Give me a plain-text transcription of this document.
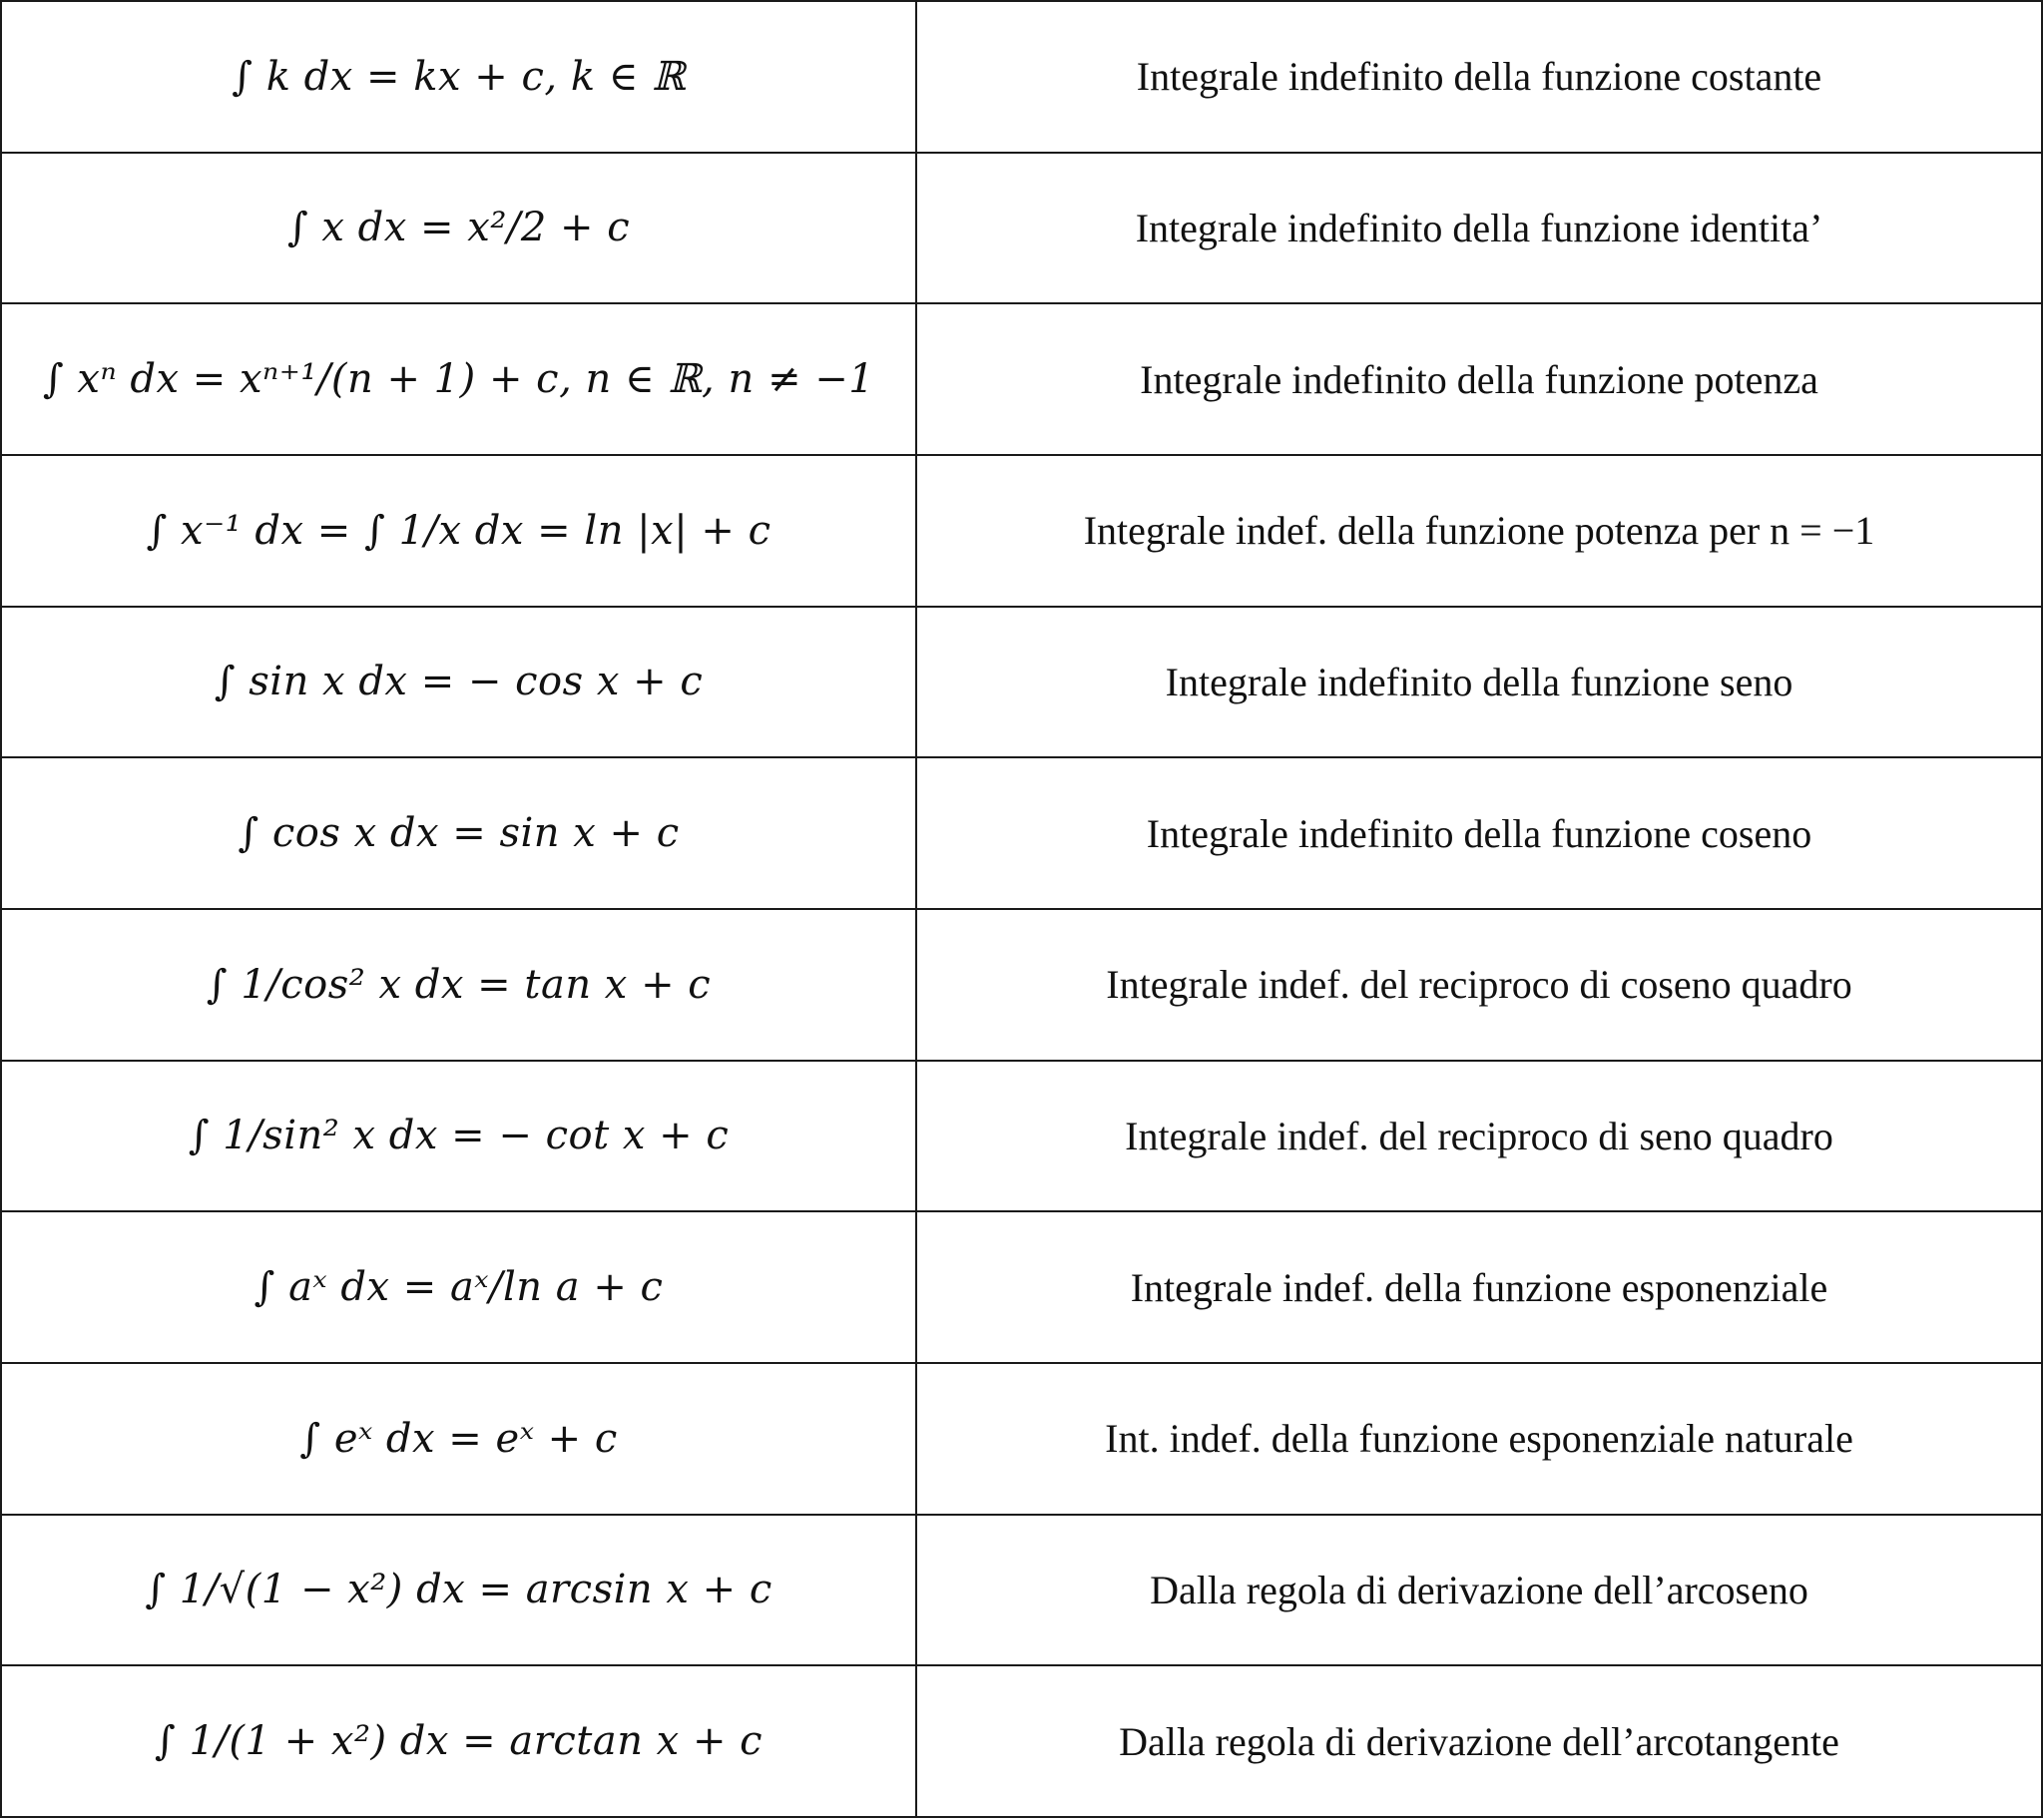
∫ k dx = kx + c, k ∈ ℝ	Integrale indefinito della funzione costante
∫ x dx = x²/2 + c	Integrale indefinito della funzione identita’
∫ xⁿ dx = xⁿ⁺¹/(n + 1) + c, n ∈ ℝ, n ≠ −1	Integrale indefinito della funzione potenza
∫ x⁻¹ dx = ∫ 1/x dx = ln |x| + c	Integrale indef. della funzione potenza per n = −1
∫ sin x dx = − cos x + c	Integrale indefinito della funzione seno
∫ cos x dx = sin x + c	Integrale indefinito della funzione coseno
∫ 1/cos² x dx = tan x + c	Integrale indef. del reciproco di coseno quadro
∫ 1/sin² x dx = − cot x + c	Integrale indef. del reciproco di seno quadro
∫ aˣ dx = aˣ/ln a + c	Integrale indef. della funzione esponenziale
∫ eˣ dx = eˣ + c	Int. indef. della funzione esponenziale naturale
∫ 1/√(1 − x²) dx = arcsin x + c	Dalla regola di derivazione dell’arcoseno
∫ 1/(1 + x²) dx = arctan x + c	Dalla regola di derivazione dell’arcotangente
